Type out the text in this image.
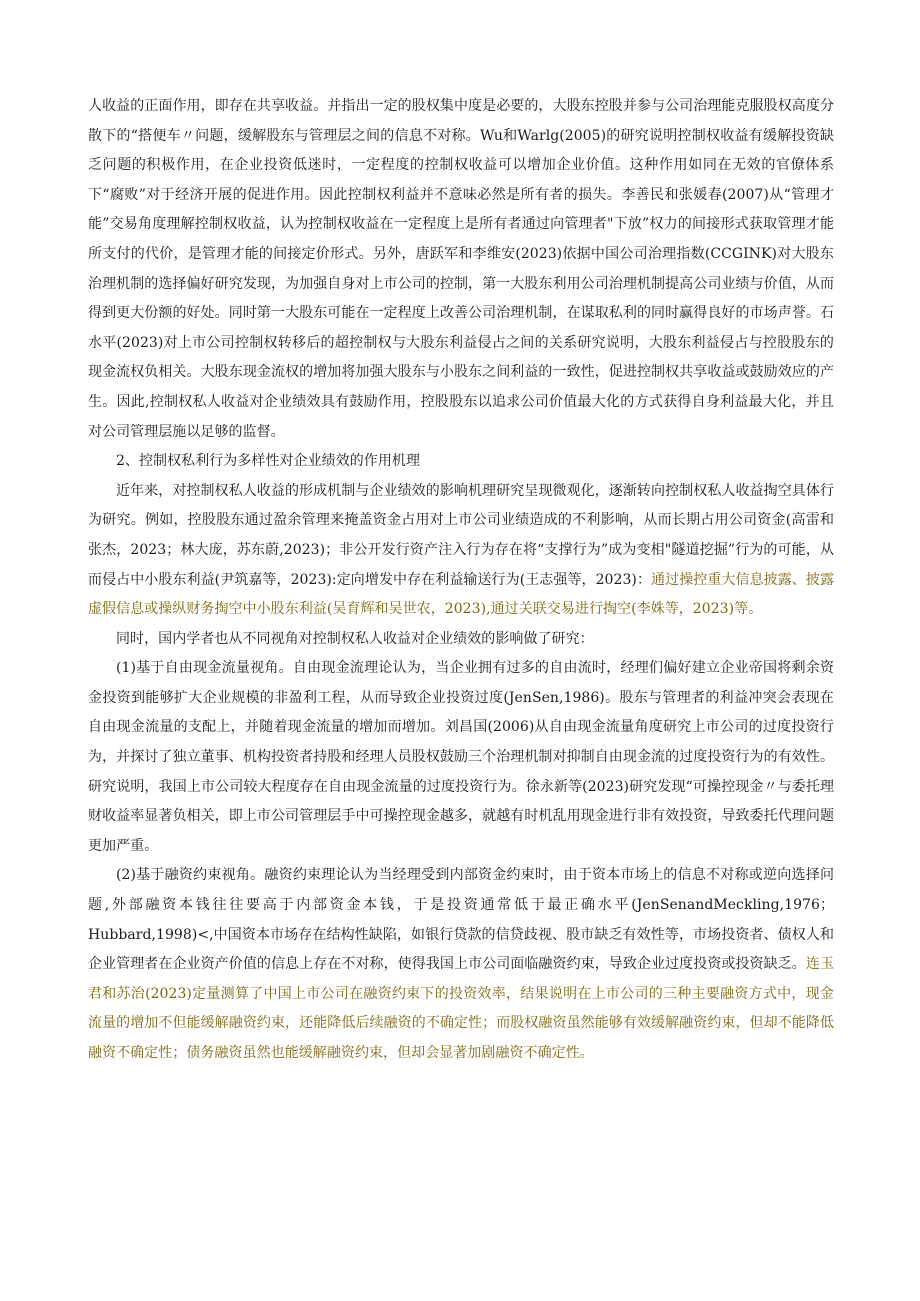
人收益的正面作用，即存在共享收益。并指出一定的股权集中度是必要的，大股东控股并参与公司治理能克服股权高度分散下的“搭便车〃问题，缓解股东与管理层之间的信息不对称。Wu和Warlg(2005)的研究说明控制权收益有缓解投资缺乏问题的积极作用，在企业投资低迷时，一定程度的控制权收益可以增加企业价值。这种作用如同在无效的官僚体系下“腐败”对于经济开展的促进作用。因此控制权利益并不意味必然是所有者的损失。李善民和张媛春(2007)从“管理才能”交易角度理解控制权收益，认为控制权收益在一定程度上是所有者通过向管理者"下放”权力的间接形式获取管理才能所支付的代价，是管理才能的间接定价形式。另外，唐跃军和李维安(2023)依据中国公司治理指数(CCGINK)对大股东治理机制的选择偏好研究发现，为加强自身对上市公司的控制，第一大股东利用公司治理机制提高公司业绩与价值，从而得到更大份额的好处。同时第一大股东可能在一定程度上改善公司治理机制，在谋取私利的同时赢得良好的市场声誉。石水平(2023)对上市公司控制权转移后的超控制权与大股东利益侵占之间的关系研究说明，大股东利益侵占与控股股东的现金流权负相关。大股东现金流权的增加将加强大股东与小股东之间利益的一致性，促进控制权共享收益或鼓励效应的产生。因此,控制权私人收益对企业绩效具有鼓励作用，控股股东以追求公司价值最大化的方式获得自身利益最大化，并且对公司管理层施以足够的监督。

2、控制权私利行为多样性对企业绩效的作用机理

近年来，对控制权私人收益的形成机制与企业绩效的影响机理研究呈现微观化，逐渐转向控制权私人收益掏空具体行为研究。例如，控股股东通过盈余管理来掩盖资金占用对上市公司业绩造成的不利影响，从而长期占用公司资金(高雷和张杰，2023；林大庞，苏东蔚,2023)；非公开发行资产注入行为存在将“支撑行为”成为变相"隧道挖掘”行为的可能，从而侵占中小股东利益(尹筑嘉等，2023):定向增发中存在利益输送行为(王志强等，2023)：通过操控重大信息披露、披露虚假信息或操纵财务掏空中小股东利益(吴育辉和吴世农，2023),通过关联交易进行掏空(李姝等，2023)等。

同时，国内学者也从不同视角对控制权私人收益对企业绩效的影响做了研究：

(1)基于自由现金流量视角。自由现金流理论认为，当企业拥有过多的自由流时，经理们偏好建立企业帝国将剩余资金投资到能够扩大企业规模的非盈利工程，从而导致企业投资过度(JenSen,1986)。股东与管理者的利益冲突会表现在自由现金流量的支配上，并随着现金流量的增加而增加。刘昌国(2006)从自由现金流量角度研究上市公司的过度投资行为，并探讨了独立董事、机构投资者持股和经理人员股权鼓励三个治理机制对抑制自由现金流的过度投资行为的有效性。研究说明，我国上市公司较大程度存在自由现金流量的过度投资行为。徐永新等(2023)研究发现“可操控现金〃与委托理财收益率显著负相关，即上市公司管理层手中可操控现金越多，就越有时机乱用现金进行非有效投资，导致委托代理问题更加严重。

(2)基于融资约束视角。融资约束理论认为当经理受到内部资金约束时，由于资本市场上的信息不对称或逆向选择问题,外部融资本钱往往要高于内部资金本钱，于是投资通常低于最正确水平(JenSenandMeckling,1976；Hubbard,1998)<,中国资本市场存在结构性缺陷，如银行贷款的信贷歧视、股市缺乏有效性等，市场投资者、债权人和企业管理者在企业资产价值的信息上存在不对称，使得我国上市公司面临融资约束，导致企业过度投资或投资缺乏。连玉君和苏治(2023)定量测算了中国上市公司在融资约束下的投资效率，结果说明在上市公司的三种主要融资方式中，现金流量的增加不但能缓解融资约束，还能降低后续融资的不确定性；而股权融资虽然能够有效缓解融资约束，但却不能降低融资不确定性；债务融资虽然也能缓解融资约束，但却会显著加剧融资不确定性。
